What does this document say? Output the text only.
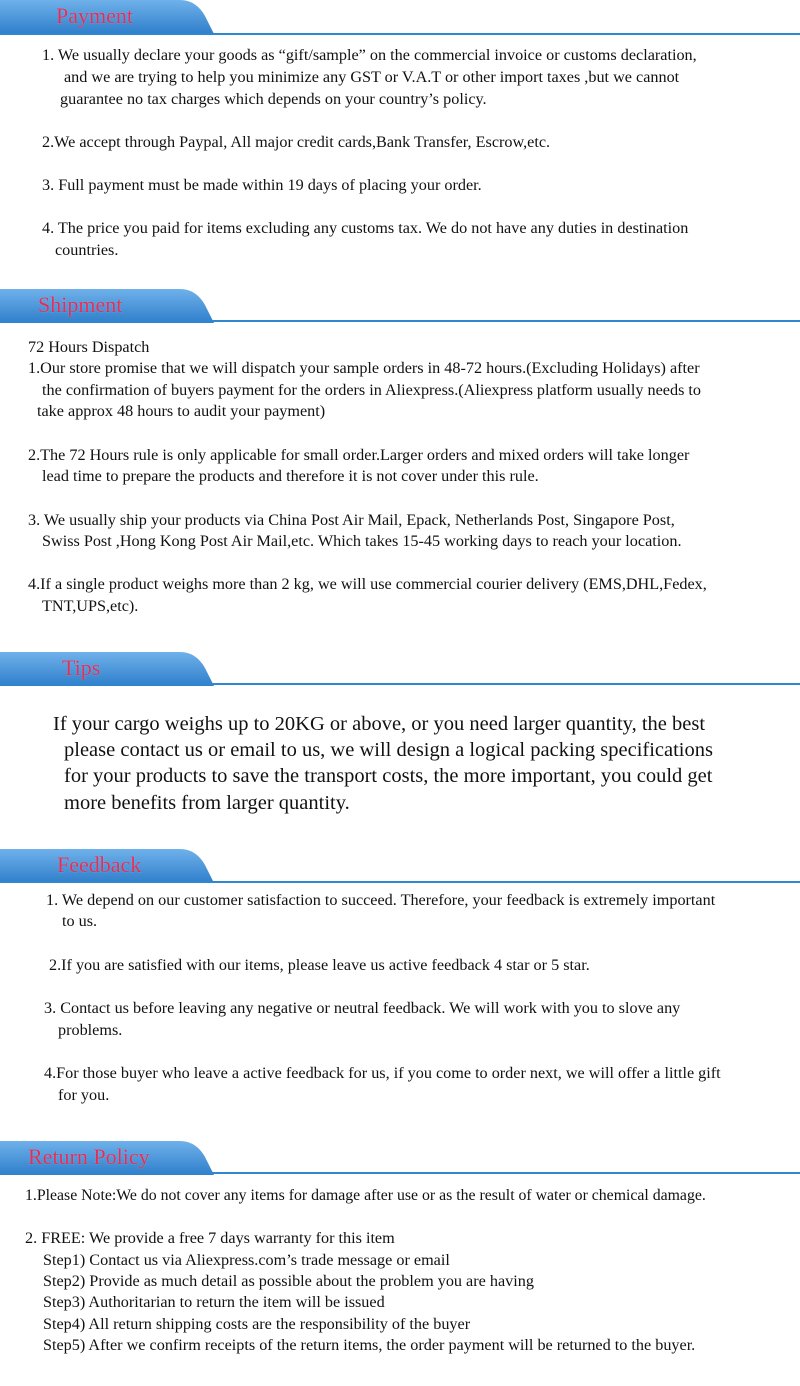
Payment
1. We usually declare your goods as “gift/sample” on the commercial invoice or customs declaration,
and we are trying to help you minimize any GST or V.A.T or other import taxes ,but we cannot
guarantee no tax charges which depends on your country’s policy.
2.We accept through Paypal, All major credit cards,Bank Transfer, Escrow,etc.
3. Full payment must be made within 19 days of placing your order.
4. The price you paid for items excluding any customs tax. We do not have any duties in destination
countries.
Shipment
72 Hours Dispatch
1.Our store promise that we will dispatch your sample orders in 48-72 hours.(Excluding Holidays) after
the confirmation of buyers payment for the orders in Aliexpress.(Aliexpress platform usually needs to
take approx 48 hours to audit your payment)
2.The 72 Hours rule is only applicable for small order.Larger orders and mixed orders will take longer
lead time to prepare the products and therefore it is not cover under this rule.
3. We usually ship your products via China Post Air Mail, Epack, Netherlands Post, Singapore Post,
Swiss Post ,Hong Kong Post Air Mail,etc. Which takes 15-45 working days to reach your location.
4.If a single product weighs more than 2 kg, we will use commercial courier delivery (EMS,DHL,Fedex,
TNT,UPS,etc).
Tips
If your cargo weighs up to 20KG or above, or you need larger quantity, the best
please contact us or email to us, we will design a logical packing specifications
for your products to save the transport costs, the more important, you could get
more benefits from larger quantity.
Feedback
1. We depend on our customer satisfaction to succeed. Therefore, your feedback is extremely important
to us.
2.If you are satisfied with our items, please leave us active feedback 4 star or 5 star.
3. Contact us before leaving any negative or neutral feedback. We will work with you to slove any
problems.
4.For those buyer who leave a active feedback for us, if you come to order next, we will offer a little gift
for you.
Return Policy
1.Please Note:We do not cover any items for damage after use or as the result of water or chemical damage.
2. FREE: We provide a free 7 days warranty for this item
Step1) Contact us via Aliexpress.com’s trade message or email
Step2) Provide as much detail as possible about the problem you are having
Step3) Authoritarian to return the item will be issued
Step4) All return shipping costs are the responsibility of the buyer
Step5) After we confirm receipts of the return items, the order payment will be returned to the buyer.
